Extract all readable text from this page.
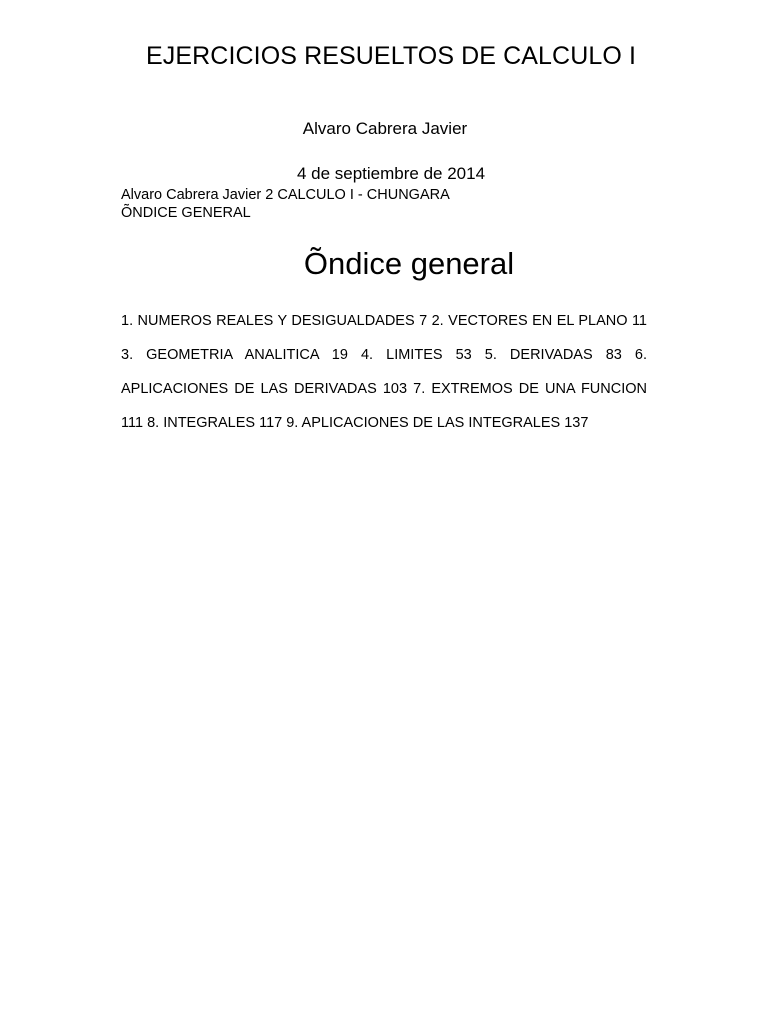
EJERCICIOS RESUELTOS DE CALCULO I
Alvaro Cabrera Javier
4 de septiembre de 2014
Alvaro Cabrera Javier 2 CALCULO I - CHUNGARA
ÕNDICE GENERAL
Õndice general
1. NUMEROS REALES Y DESIGUALDADES 7 2. VECTORES EN EL PLANO 11 3. GEOMETRIA ANALITICA 19 4. LIMITES 53 5. DERIVADAS 83 6. APLICACIONES DE LAS DERIVADAS 103 7. EXTREMOS DE UNA FUNCION 111 8. INTEGRALES 117 9. APLICACIONES DE LAS INTEGRALES 137
